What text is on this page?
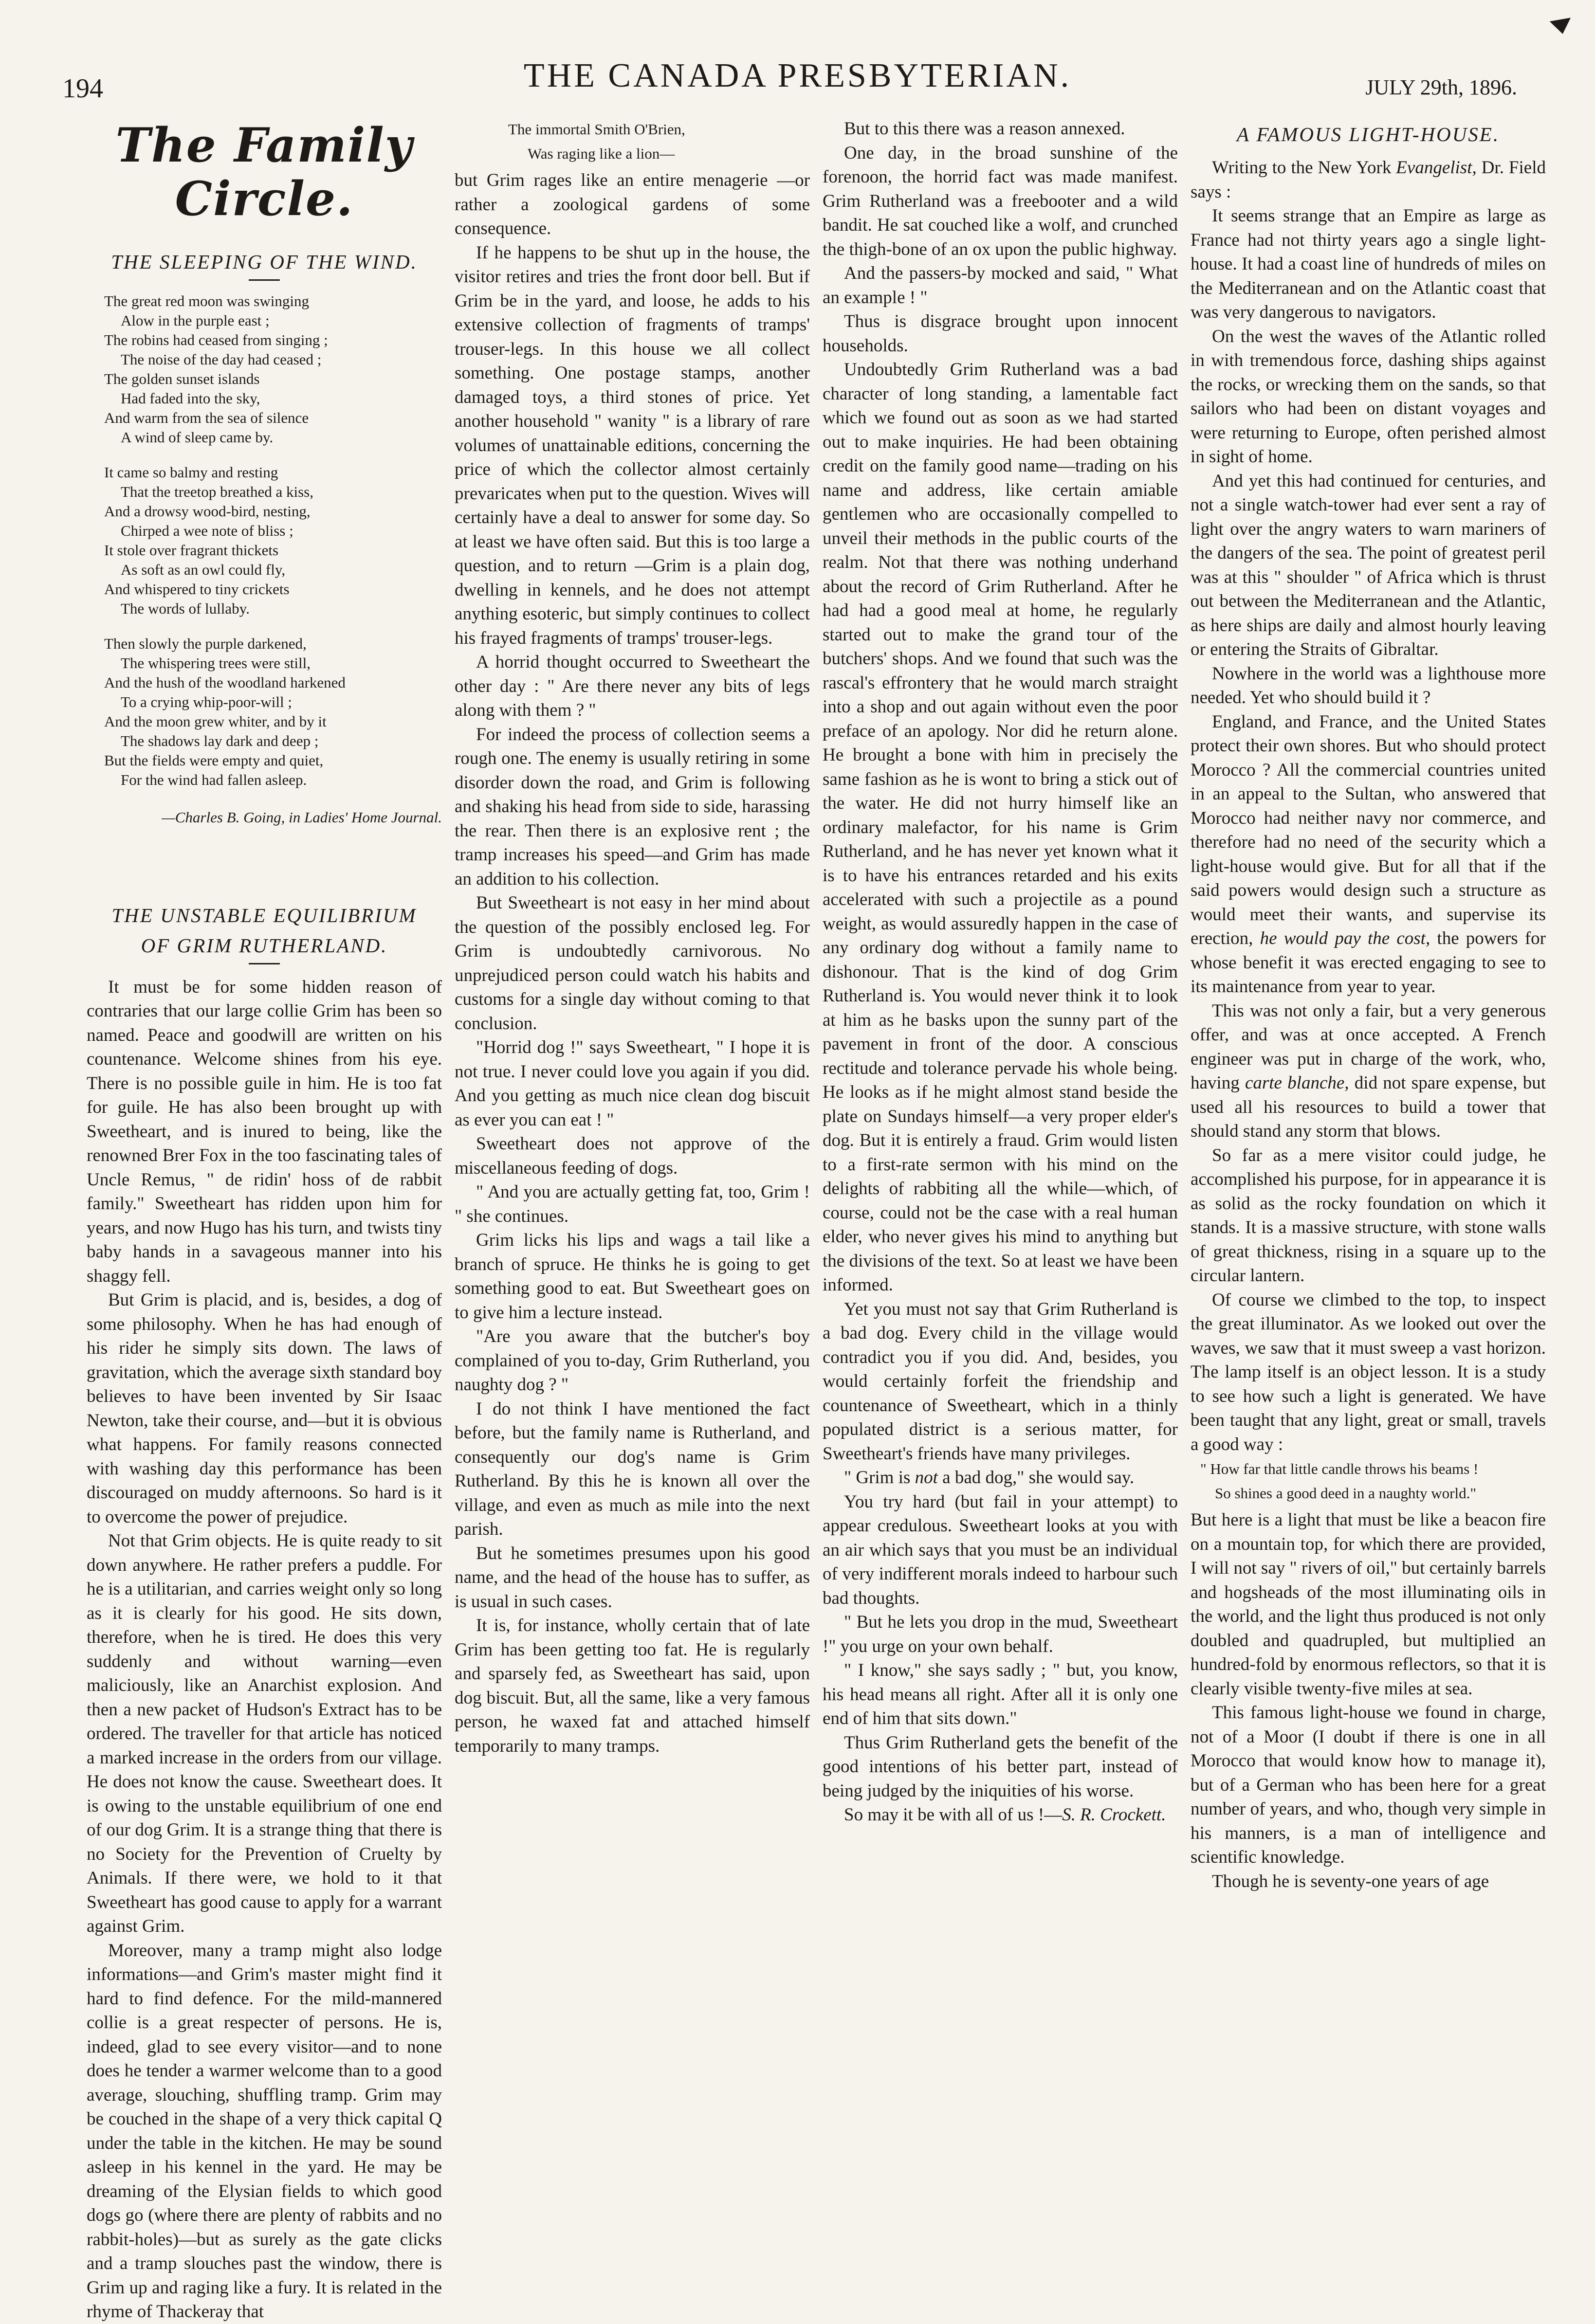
194	THE CANADA PRESBYTERIAN.	JULY 29th, 1896.
The Family Circle.
THE SLEEPING OF THE WIND.
The great red moon was swinging
Alow in the purple east ;
The robins had ceased from singing ;
The noise of the day had ceased ;
The golden sunset islands
Had faded into the sky,
And warm from the sea of silence
A wind of sleep came by.
It came so balmy and resting
That the treetop breathed a kiss,
And a drowsy wood-bird, nesting,
Chirped a wee note of bliss ;
It stole over fragrant thickets
As soft as an owl could fly,
And whispered to tiny crickets
The words of lullaby.
Then slowly the purple darkened,
The whispering trees were still,
And the hush of the woodland harkened
To a crying whip-poor-will ;
And the moon grew whiter, and by it
The shadows lay dark and deep ;
But the fields were empty and quiet,
For the wind had fallen asleep.
—Charles B. Going, in Ladies' Home Journal.
THE UNSTABLE EQUILIBRIUM
OF GRIM RUTHERLAND.

It must be for some hidden reason of contraries that our large collie Grim has been so named. Peace and goodwill are written on his countenance. Welcome shines from his eye. There is no possible guile in him. He is too fat for guile. He has also been brought up with Sweetheart, and is inured to being, like the renowned Brer Fox in the too fascinating tales of Uncle Remus, " de ridin' hoss of de rabbit family." Sweetheart has ridden upon him for years, and now Hugo has his turn, and twists tiny baby hands in a savageous manner into his shaggy fell.

But Grim is placid, and is, besides, a dog of some philosophy. When he has had enough of his rider he simply sits down. The laws of gravitation, which the average sixth standard boy believes to have been invented by Sir Isaac Newton, take their course, and—but it is obvious what happens. For family reasons connected with washing day this performance has been discouraged on muddy afternoons. So hard is it to overcome the power of prejudice.

Not that Grim objects. He is quite ready to sit down anywhere. He rather prefers a puddle. For he is a utilitarian, and carries weight only so long as it is clearly for his good. He sits down, therefore, when he is tired. He does this very suddenly and without warning—even maliciously, like an Anarchist explosion. And then a new packet of Hudson's Extract has to be ordered. The traveller for that article has noticed a marked increase in the orders from our village. He does not know the cause. Sweetheart does. It is owing to the unstable equilibrium of one end of our dog Grim. It is a strange thing that there is no Society for the Prevention of Cruelty by Animals. If there were, we hold to it that Sweetheart has good cause to apply for a warrant against Grim.

Moreover, many a tramp might also lodge informations—and Grim's master might find it hard to find defence. For the mild-mannered collie is a great respecter of persons. He is, indeed, glad to see every visitor—and to none does he tender a warmer welcome than to a good average, slouching, shuffling tramp. Grim may be couched in the shape of a very thick capital Q under the table in the kitchen. He may be sound asleep in his kennel in the yard. He may be dreaming of the Elysian fields to which good dogs go (where there are plenty of rabbits and no rabbit-holes)—but as surely as the gate clicks and a tramp slouches past the window, there is Grim up and raging like a fury. It is related in the rhyme of Thackeray that

The immortal Smith O'Brien,
Was raging like a lion—

but Grim rages like an entire menagerie —or rather a zoological gardens of some consequence.

If he happens to be shut up in the house, the visitor retires and tries the front door bell. But if Grim be in the yard, and loose, he adds to his extensive collection of fragments of tramps' trouser-legs. In this house we all collect something. One postage stamps, another damaged toys, a third stones of price. Yet another household " wanity " is a library of rare volumes of unattainable editions, concerning the price of which the collector almost certainly prevaricates when put to the question. Wives will certainly have a deal to answer for some day. So at least we have often said. But this is too large a question, and to return —Grim is a plain dog, dwelling in kennels, and he does not attempt anything esoteric, but simply continues to collect his frayed fragments of tramps' trouser-legs.

A horrid thought occurred to Sweetheart the other day : " Are there never any bits of legs along with them ? "

For indeed the process of collection seems a rough one. The enemy is usually retiring in some disorder down the road, and Grim is following and shaking his head from side to side, harassing the rear. Then there is an explosive rent ; the tramp increases his speed—and Grim has made an addition to his collection.

But Sweetheart is not easy in her mind about the question of the possibly enclosed leg. For Grim is undoubtedly carnivorous. No unprejudiced person could watch his habits and customs for a single day without coming to that conclusion.

"Horrid dog !" says Sweetheart, " I hope it is not true. I never could love you again if you did. And you getting as much nice clean dog biscuit as ever you can eat ! "

Sweetheart does not approve of the miscellaneous feeding of dogs.

" And you are actually getting fat, too, Grim ! " she continues.

Grim licks his lips and wags a tail like a branch of spruce. He thinks he is going to get something good to eat. But Sweetheart goes on to give him a lecture instead.

"Are you aware that the butcher's boy complained of you to-day, Grim Rutherland, you naughty dog ? "

I do not think I have mentioned the fact before, but the family name is Rutherland, and consequently our dog's name is Grim Rutherland. By this he is known all over the village, and even as much as mile into the next parish.

But he sometimes presumes upon his good name, and the head of the house has to suffer, as is usual in such cases.

It is, for instance, wholly certain that of late Grim has been getting too fat. He is regularly and sparsely fed, as Sweetheart has said, upon dog biscuit. But, all the same, like a very famous person, he waxed fat and attached himself temporarily to many tramps.

But to this there was a reason annexed.

One day, in the broad sunshine of the forenoon, the horrid fact was made manifest. Grim Rutherland was a freebooter and a wild bandit. He sat couched like a wolf, and crunched the thigh-bone of an ox upon the public highway.

And the passers-by mocked and said, " What an example ! "

Thus is disgrace brought upon innocent households.

Undoubtedly Grim Rutherland was a bad character of long standing, a lamentable fact which we found out as soon as we had started out to make inquiries. He had been obtaining credit on the family good name—trading on his name and address, like certain amiable gentlemen who are occasionally compelled to unveil their methods in the public courts of the realm. Not that there was nothing underhand about the record of Grim Rutherland. After he had had a good meal at home, he regularly started out to make the grand tour of the butchers' shops. And we found that such was the rascal's effrontery that he would march straight into a shop and out again without even the poor preface of an apology. Nor did he return alone. He brought a bone with him in precisely the same fashion as he is wont to bring a stick out of the water. He did not hurry himself like an ordinary malefactor, for his name is Grim Rutherland, and he has never yet known what it is to have his entrances retarded and his exits accelerated with such a projectile as a pound weight, as would assuredly happen in the case of any ordinary dog without a family name to dishonour. That is the kind of dog Grim Rutherland is. You would never think it to look at him as he basks upon the sunny part of the pavement in front of the door. A conscious rectitude and tolerance pervade his whole being. He looks as if he might almost stand beside the plate on Sundays himself—a very proper elder's dog. But it is entirely a fraud. Grim would listen to a first-rate sermon with his mind on the delights of rabbiting all the while—which, of course, could not be the case with a real human elder, who never gives his mind to anything but the divisions of the text. So at least we have been informed.

Yet you must not say that Grim Rutherland is a bad dog. Every child in the village would contradict you if you did. And, besides, you would certainly forfeit the friendship and countenance of Sweetheart, which in a thinly populated district is a serious matter, for Sweetheart's friends have many privileges.

" Grim is not a bad dog," she would say.

You try hard (but fail in your attempt) to appear credulous. Sweetheart looks at you with an air which says that you must be an individual of very indifferent morals indeed to harbour such bad thoughts.

" But he lets you drop in the mud, Sweetheart !" you urge on your own behalf.

" I know," she says sadly ; " but, you know, his head means all right. After all it is only one end of him that sits down."

Thus Grim Rutherland gets the benefit of the good intentions of his better part, instead of being judged by the iniquities of his worse.

So may it be with all of us !—S. R. Crockett.

A FAMOUS LIGHT-HOUSE.

Writing to the New York Evangelist, Dr. Field says :

It seems strange that an Empire as large as France had not thirty years ago a single light-house. It had a coast line of hundreds of miles on the Mediterranean and on the Atlantic coast that was very dangerous to navigators.

On the west the waves of the Atlantic rolled in with tremendous force, dashing ships against the rocks, or wrecking them on the sands, so that sailors who had been on distant voyages and were returning to Europe, often perished almost in sight of home.

And yet this had continued for centuries, and not a single watch-tower had ever sent a ray of light over the angry waters to warn mariners of the dangers of the sea. The point of greatest peril was at this " shoulder " of Africa which is thrust out between the Mediterranean and the Atlantic, as here ships are daily and almost hourly leaving or entering the Straits of Gibraltar.

Nowhere in the world was a lighthouse more needed. Yet who should build it ?

England, and France, and the United States protect their own shores. But who should protect Morocco ? All the commercial countries united in an appeal to the Sultan, who answered that Morocco had neither navy nor commerce, and therefore had no need of the security which a light-house would give. But for all that if the said powers would design such a structure as would meet their wants, and supervise its erection, he would pay the cost, the powers for whose benefit it was erected engaging to see to its maintenance from year to year.

This was not only a fair, but a very generous offer, and was at once accepted. A French engineer was put in charge of the work, who, having carte blanche, did not spare expense, but used all his resources to build a tower that should stand any storm that blows.

So far as a mere visitor could judge, he accomplished his purpose, for in appearance it is as solid as the rocky foundation on which it stands. It is a massive structure, with stone walls of great thickness, rising in a square up to the circular lantern.

Of course we climbed to the top, to inspect the great illuminator. As we looked out over the waves, we saw that it must sweep a vast horizon. The lamp itself is an object lesson. It is a study to see how such a light is generated. We have been taught that any light, great or small, travels a good way :

" How far that little candle throws his beams !
So shines a good deed in a naughty world."

But here is a light that must be like a beacon fire on a mountain top, for which there are provided, I will not say " rivers of oil," but certainly barrels and hogsheads of the most illuminating oils in the world, and the light thus produced is not only doubled and quadrupled, but multiplied an hundred-fold by enormous reflectors, so that it is clearly visible twenty-five miles at sea.

This famous light-house we found in charge, not of a Moor (I doubt if there is one in all Morocco that would know how to manage it), but of a German who has been here for a great number of years, and who, though very simple in his manners, is a man of intelligence and scientific knowledge.

Though he is seventy-one years of age
